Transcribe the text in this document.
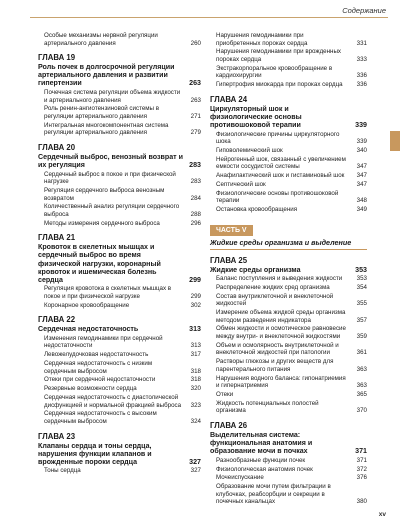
Содержание
Особые механизмы нервной регуляции артериального давления	260
ГЛАВА 19
Роль почек в долгосрочной регуляции артериального давления и развитии гипертензии	263
Почечная система регуляции объема жидкости и артериального давления	263
Роль ренин-ангиотензиновой системы в регуляции артериального давления	271
Интегральная многокомпонентная система регуляции артериального давления	279
ГЛАВА 20
Сердечный выброс, венозный возврат и их регуляция	283
Сердечный выброс в покое и при физической нагрузке	283
Регуляция сердечного выброса венозным возвратом	284
Количественный анализ регуляции сердечного выброса	288
Методы измерения сердечного выброса	296
ГЛАВА 21
Кровоток в скелетных мышцах и сердечный выброс во время физической нагрузки, коронарный кровоток и ишемическая болезнь сердца	299
Регуляция кровотока в скелетных мышцах в покое и при физической нагрузке	299
Коронарное кровообращение	302
ГЛАВА 22
Сердечная недостаточность	313
Изменения гемодинамики при сердечной недостаточности	313
Левожелудочковая недостаточность	317
Сердечная недостаточность с низким сердечным выбросом	318
Отеки при сердечной недостаточности	318
Резервные возможности сердца	320
Сердечная недостаточность с диастолической дисфункцией и нормальной фракцией выброса	323
Сердечная недостаточность с высоким сердечным выбросом	324
ГЛАВА 23
Клапаны сердца и тоны сердца, нарушения функции клапанов и врожденные пороки сердца	327
Тоны сердца	327
Нарушения гемодинамики при приобретенных пороках сердца	331
Нарушения гемодинамики при врожденных пороках сердца	333
Экстракорпоральное кровообращение в кардиохирургии	336
Гипертрофия миокарда при пороках сердца	336
ГЛАВА 24
Циркуляторный шок и физиологические основы противошоковой терапии	339
Физиологические причины циркуляторного шока	339
Гиповолемический шок	340
Нейрогенный шок, связанный с увеличением емкости сосудистой системы	347
Анафилактический шок и гистаминовый шок	347
Септический шок	347
Физиологические основы противошоковой терапии	348
Остановка кровообращения	349
ЧАСТЬ V
Жидкие среды организма и выделение
ГЛАВА 25
Жидкие среды организма	353
Баланс поступления и выведения жидкости	353
Распределение жидких сред организма	354
Состав внутриклеточной и внеклеточной жидкостей	355
Измерение объема жидкой среды организма методом разведения индикатора	357
Обмен жидкости и осмотическое равновесие между внутри- и внеклеточной жидкостями	359
Объем и осмолярность внутриклеточной и внеклеточной жидкостей при патологии	361
Растворы глюкозы и других веществ для парентерального питания	363
Нарушения водного баланса: гипонатриемия и гипернатриемия	363
Отеки	365
Жидкость потенциальных полостей организма	370
ГЛАВА 26
Выделительная система: функциональная анатомия и образование мочи в почках	371
Разнообразные функции почек	371
Физиологическая анатомия почек	372
Мочеиспускание	376
Образование мочи путем фильтрации в клубочках, реабсорбции и секреции в почечных канальцах	380
xv
